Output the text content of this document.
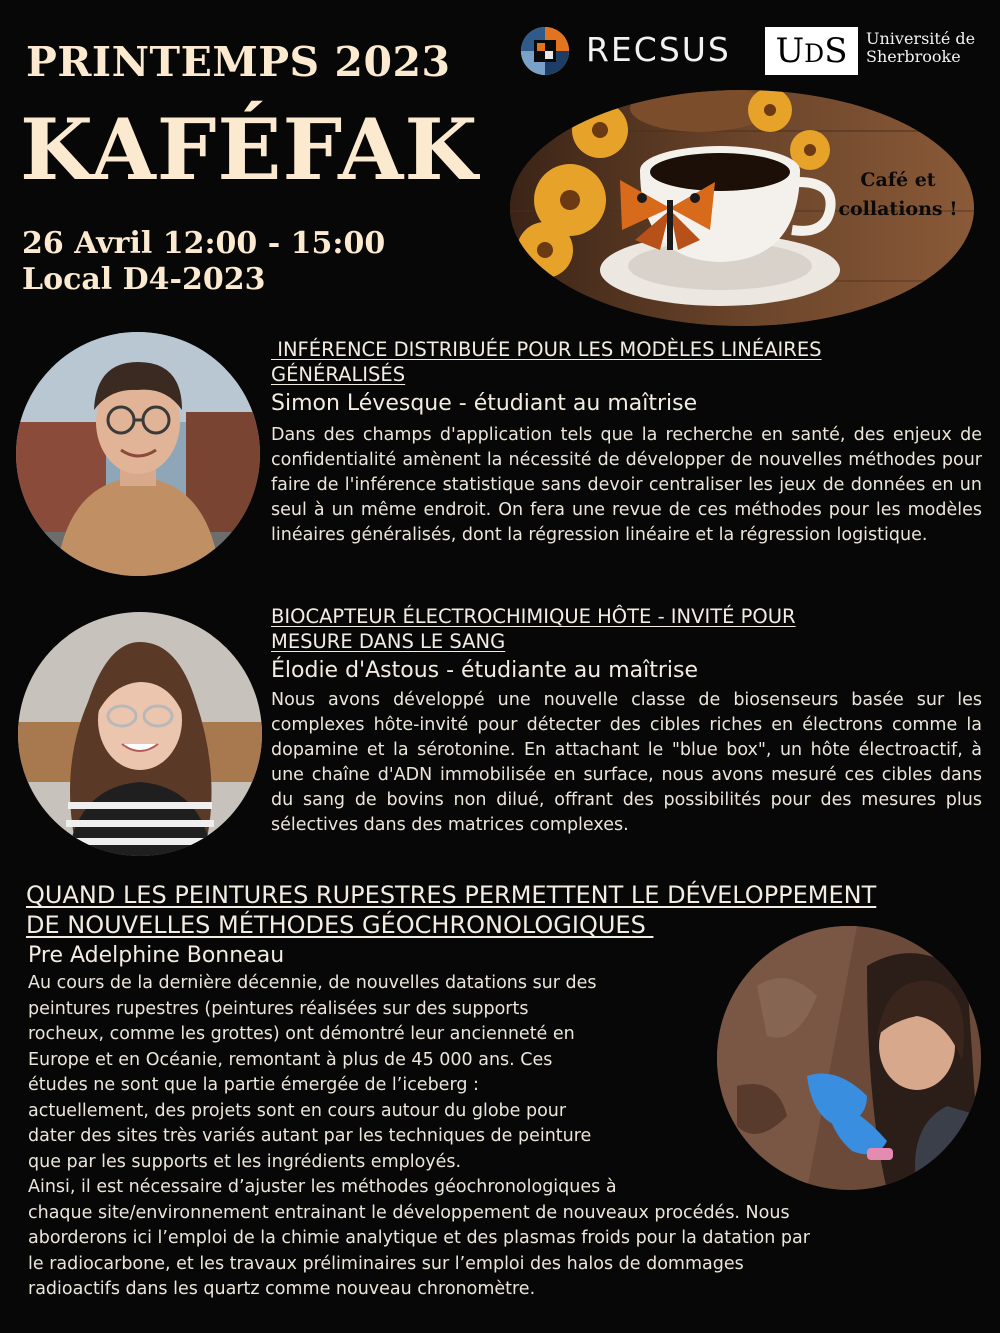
PRINTEMPS 2023
KAFÉFAK
26 Avril 12:00 - 15:00
Local D4-2023
RECSUS	UDS	Université de
Sherbrooke
Café et
collations !
INFÉRENCE DISTRIBUÉE POUR LES MODÈLES LINÉAIRES
GÉNÉRALISÉS
Simon Lévesque - étudiant au maîtrise
Dans des champs d'application tels que la recherche en santé, des enjeux de confidentialité amènent la nécessité de développer de nouvelles méthodes pour faire de l'inférence statistique sans devoir centraliser les jeux de données en un seul à un même endroit. On fera une revue de ces méthodes pour les modèles linéaires généralisés, dont la régression linéaire et la régression logistique.
BIOCAPTEUR ÉLECTROCHIMIQUE HÔTE - INVITÉ POUR
MESURE DANS LE SANG
Élodie d'Astous - étudiante au maîtrise
Nous avons développé une nouvelle classe de biosenseurs basée sur les complexes hôte-invité pour détecter des cibles riches en électrons comme la dopamine et la sérotonine. En attachant le "blue box", un hôte électroactif, à une chaîne d'ADN immobilisée en surface, nous avons mesuré ces cibles dans du sang de bovins non dilué, offrant des possibilités pour des mesures plus sélectives dans des matrices complexes.
QUAND LES PEINTURES RUPESTRES PERMETTENT LE DÉVELOPPEMENT
DE NOUVELLES MÉTHODES GÉOCHRONOLOGIQUES
Pre Adelphine Bonneau
Au cours de la dernière décennie, de nouvelles datations sur des
peintures rupestres (peintures réalisées sur des supports
rocheux, comme les grottes) ont démontré leur ancienneté en
Europe et en Océanie, remontant à plus de 45 000 ans. Ces
études ne sont que la partie émergée de l’iceberg :
actuellement, des projets sont en cours autour du globe pour
dater des sites très variés autant par les techniques de peinture
que par les supports et les ingrédients employés.
Ainsi, il est nécessaire d’ajuster les méthodes géochronologiques à
chaque site/environnement entrainant le développement de nouveaux procédés. Nous
aborderons ici l’emploi de la chimie analytique et des plasmas froids pour la datation par
le radiocarbone, et les travaux préliminaires sur l’emploi des halos de dommages
radioactifs dans les quartz comme nouveau chronomètre.
